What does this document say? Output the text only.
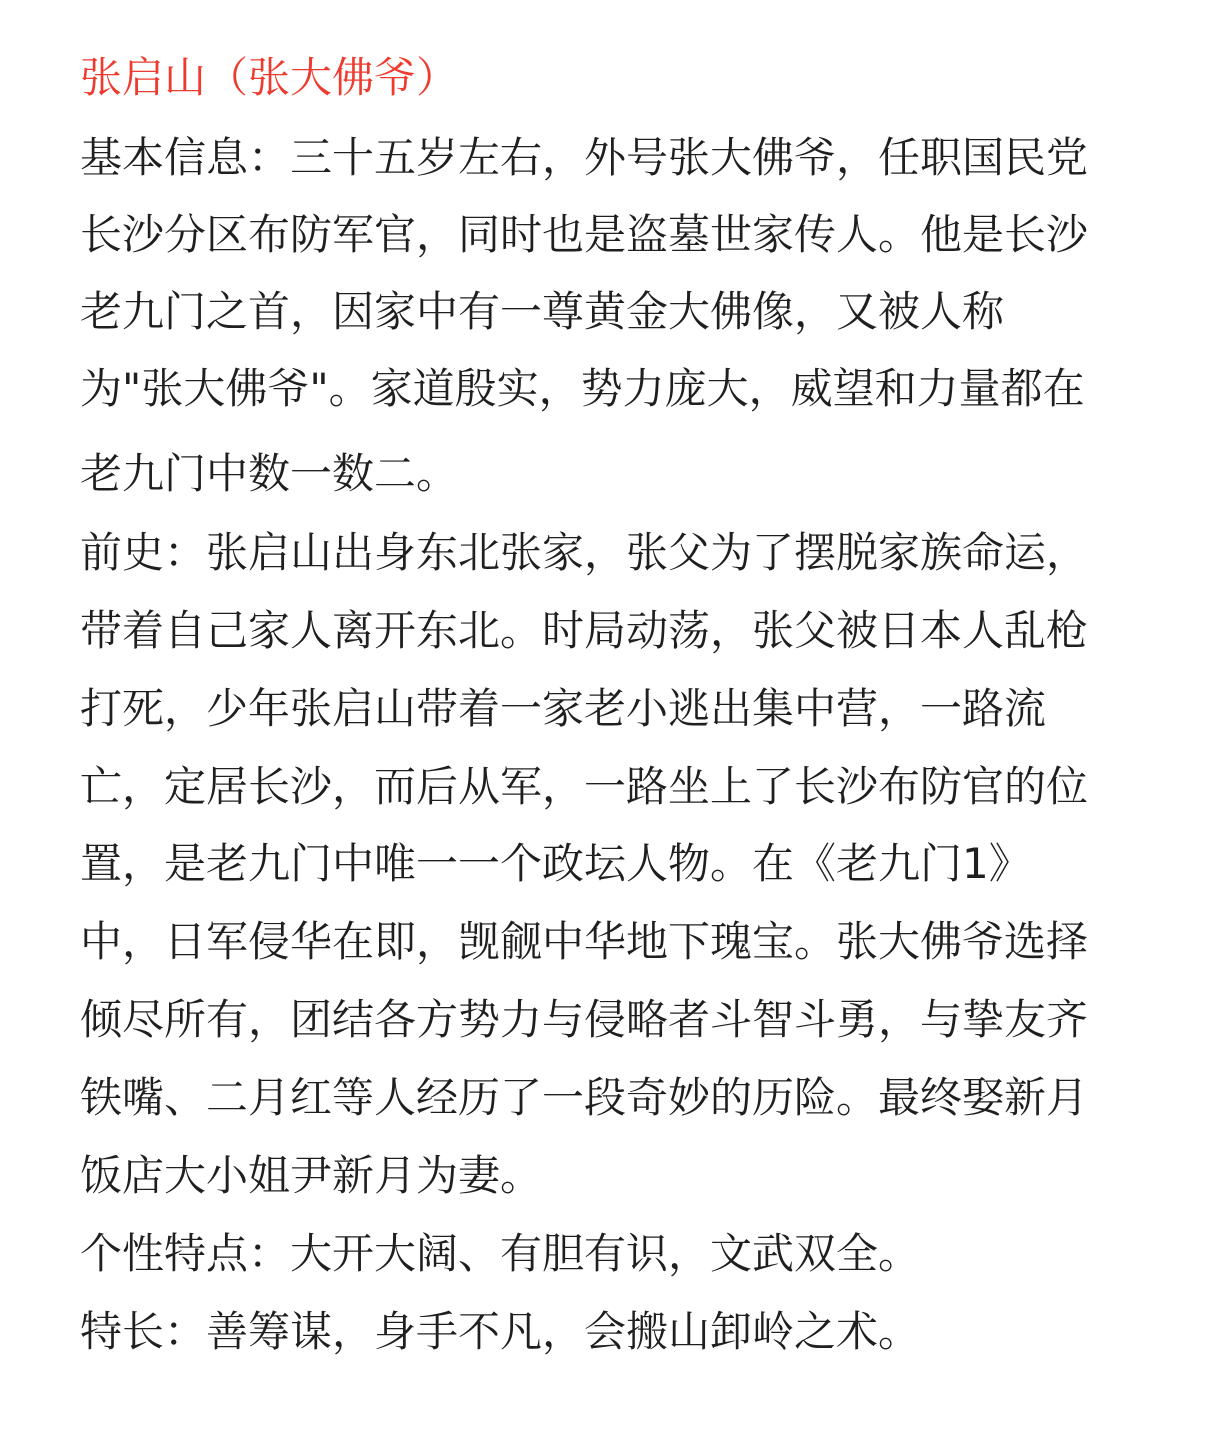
张启山（张大佛爷）
基本信息：三十五岁左右，外号张大佛爷，任职国民党
长沙分区布防军官，同时也是盗墓世家传人。他是长沙
老九门之首，因家中有一尊黄金大佛像，又被人称
为"张大佛爷"。家道殷实，势力庞大，威望和力量都在
老九门中数一数二。
前史：张启山出身东北张家，张父为了摆脱家族命运，
带着自己家人离开东北。时局动荡，张父被日本人乱枪
打死，少年张启山带着一家老小逃出集中营，一路流
亡，定居长沙，而后从军，一路坐上了长沙布防官的位
置，是老九门中唯一一个政坛人物。在《老九门1》
中，日军侵华在即，觊觎中华地下瑰宝。张大佛爷选择
倾尽所有，团结各方势力与侵略者斗智斗勇，与挚友齐
铁嘴、二月红等人经历了一段奇妙的历险。最终娶新月
饭店大小姐尹新月为妻。
个性特点：大开大阔、有胆有识，文武双全。
特长：善筹谋，身手不凡，会搬山卸岭之术。
